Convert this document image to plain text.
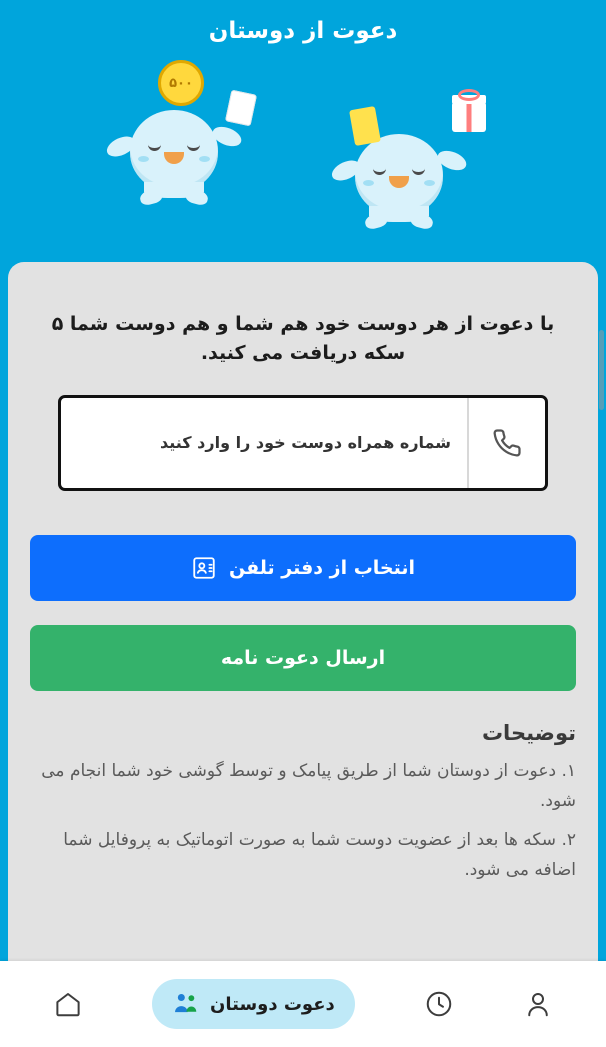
دعوت از دوستان
۵۰۰
با دعوت از هر دوست خود هم شما و هم دوست شما ۵ سکه دریافت می کنید.
شماره همراه دوست خود را وارد کنید
انتخاب از دفتر تلفن
ارسال دعوت نامه
توضیحات
۱. دعوت از دوستان شما از طریق پیامک و توسط گوشی خود شما انجام می شود.
۲. سکه ها بعد از عضویت دوست شما به صورت اتوماتیک به پروفایل شما اضافه می شود.
دعوت دوستان
